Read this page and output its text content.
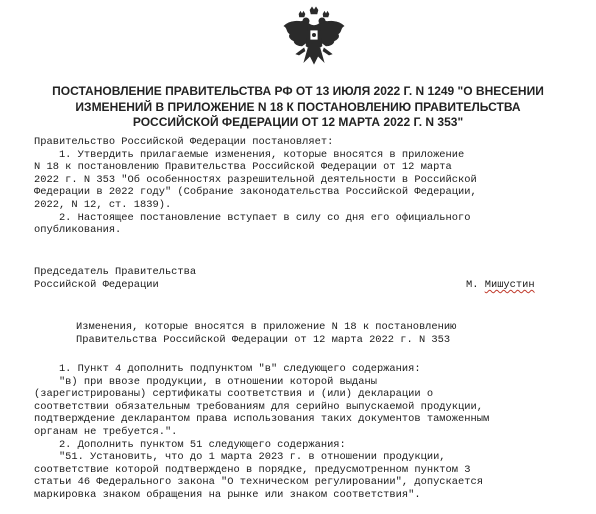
ПОСТАНОВЛЕНИЕ ПРАВИТЕЛЬСТВА РФ ОТ 13 ИЮЛЯ 2022 Г. N 1249 "О ВНЕСЕНИИ
ИЗМЕНЕНИЙ В ПРИЛОЖЕНИЕ N 18 К ПОСТАНОВЛЕНИЮ ПРАВИТЕЛЬСТВА
РОССИЙСКОЙ ФЕДЕРАЦИИ ОТ 12 МАРТА 2022 Г. N 353"
Правительство Российской Федерации постановляет:
1. Утвердить прилагаемые изменения, которые вносятся в приложение
N 18 к постановлению Правительства Российской Федерации от 12 марта
2022 г. N 353 "Об особенностях разрешительной деятельности в Российской
Федерации в 2022 году" (Собрание законодательства Российской Федерации,
2022, N 12, ст. 1839).
2. Настоящее постановление вступает в силу со дня его официального
опубликования.
Председатель Правительства
Российской Федерации	М. Мишустин
Изменения, которые вносятся в приложение N 18 к постановлению
Правительства Российской Федерации от 12 марта 2022 г. N 353
1. Пункт 4 дополнить подпунктом "в" следующего содержания:
"в) при ввозе продукции, в отношении которой выданы
(зарегистрированы) сертификаты соответствия и (или) декларации о
соответствии обязательным требованиям для серийно выпускаемой продукции,
подтверждение декларантом права использования таких документов таможенным
органам не требуется.".
2. Дополнить пунктом 51 следующего содержания:
"51. Установить, что до 1 марта 2023 г. в отношении продукции,
соответствие которой подтверждено в порядке, предусмотренном пунктом 3
статьи 46 Федерального закона "О техническом регулировании", допускается
маркировка знаком обращения на рынке или знаком соответствия".
